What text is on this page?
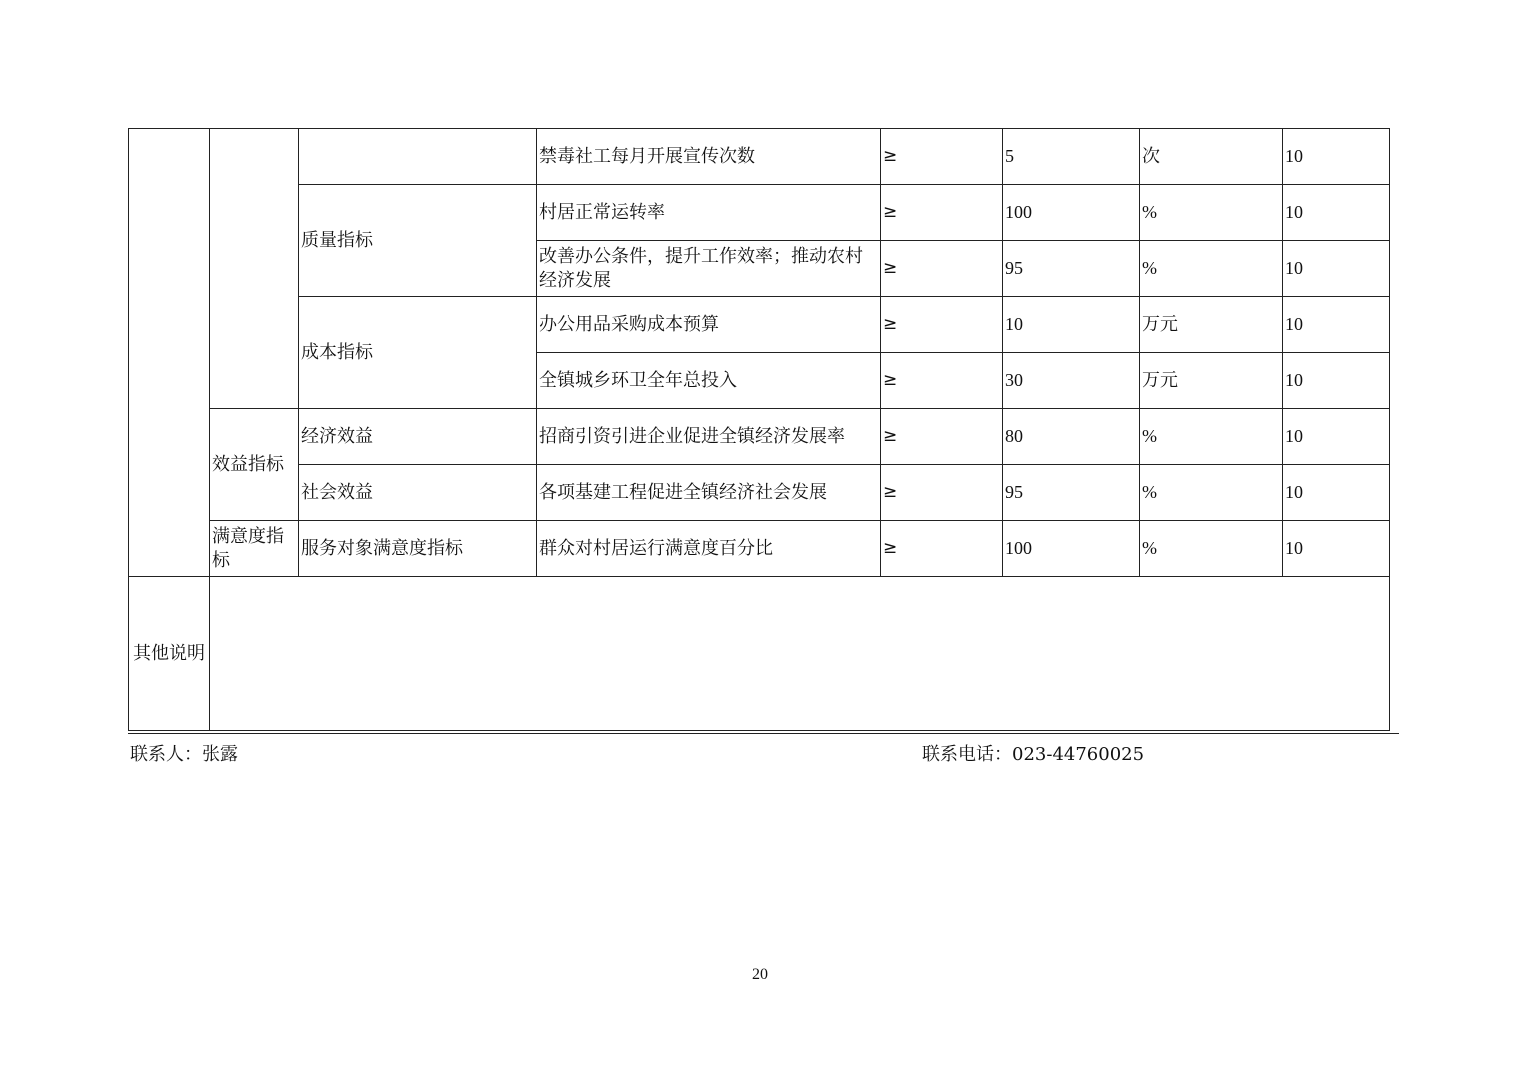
			禁毒社工每月开展宣传次数	≥	5	次	10
		质量指标	村居正常运转率	≥	100	%	10
			改善办公条件，提升工作效率；推动农村经济发展	≥	95	%	10
		成本指标	办公用品采购成本预算	≥	10	万元	10
			全镇城乡环卫全年总投入	≥	30	万元	10
	效益指标	经济效益	招商引资引进企业促进全镇经济发展率	≥	80	%	10
		社会效益	各项基建工程促进全镇经济社会发展	≥	95	%	10
	满意度指标	服务对象满意度指标	群众对村居运行满意度百分比	≥	100	%	10
其他说明							
联系人：张露	联系电话：023-44760025
20
